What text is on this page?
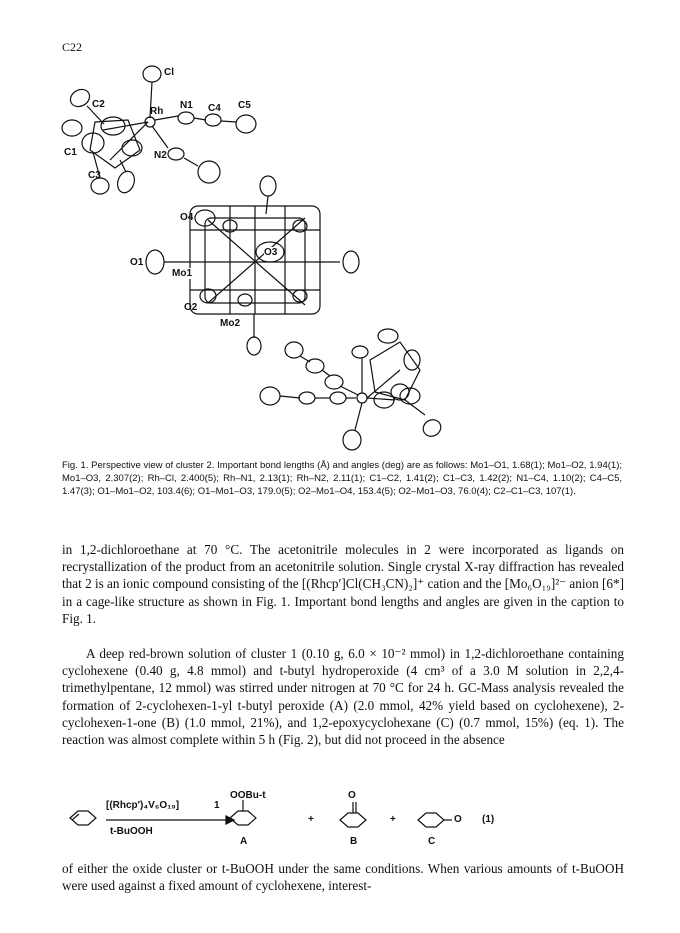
C22
Cl
C2
Rh
N1 C4 C5
C1	N2
C3
O4
O3
O1
Mo1
O2
Mo2
Fig. 1. Perspective view of cluster 2. Important bond lengths (Å) and angles (deg) are as follows: Mo1–O1, 1.68(1); Mo1–O2, 1.94(1); Mo1–O3, 2.307(2); Rh–Cl, 2.400(5); Rh–N1, 2.13(1); Rh–N2, 2.11(1); C1–C2, 1.41(2); C1–C3, 1.42(2); N1–C4, 1.10(2); C4–C5, 1.47(3); O1–Mo1–O2, 103.4(6); O1–Mo1–O3, 179.0(5); O2–Mo1–O4, 153.4(5); O2–Mo1–O3, 76.0(4); C2–C1–C3, 107(1).

in 1,2-dichloroethane at 70 °C. The acetonitrile molecules in 2 were incorporated as ligands on recrystallization of the product from an acetonitrile solution. Single crystal X-ray diffraction has revealed that 2 is an ionic compound consisting of the [(Rhcp′]Cl(CH₃CN)₂]⁺ cation and the [Mo₆O₁₉]²⁻ anion [6*] in a cage-like structure as shown in Fig. 1. Important bond lengths and angles are given in the caption to Fig. 1.

A deep red-brown solution of cluster 1 (0.10 g, 6.0 × 10⁻² mmol) in 1,2-dichloroethane containing cyclohexene (0.40 g, 4.8 mmol) and t-butyl hydroperoxide (4 cm³ of a 3.0 M solution in 2,2,4-trimethylpentane, 12 mmol) was stirred under nitrogen at 70 °C for 24 h. GC-Mass analysis revealed the formation of 2-cyclohexen-1-yl t-butyl peroxide (A) (2.0 mmol, 42% yield based on cyclohexene), 2-cyclohexen-1-one (B) (1.0 mmol, 21%), and 1,2-epoxycyclohexane (C) (0.7 mmol, 15%) (eq. 1). The reaction was almost complete within 5 h (Fig. 2), but did not proceed in the absence

[(Rhcp′)₄V₆O₁₉]	1
t-BuOOH
OOBu-t
+
O
+	O (1)
A	B	C

of either the oxide cluster or t-BuOOH under the same conditions. When various amounts of t-BuOOH were used against a fixed amount of cyclohexene, interest-
